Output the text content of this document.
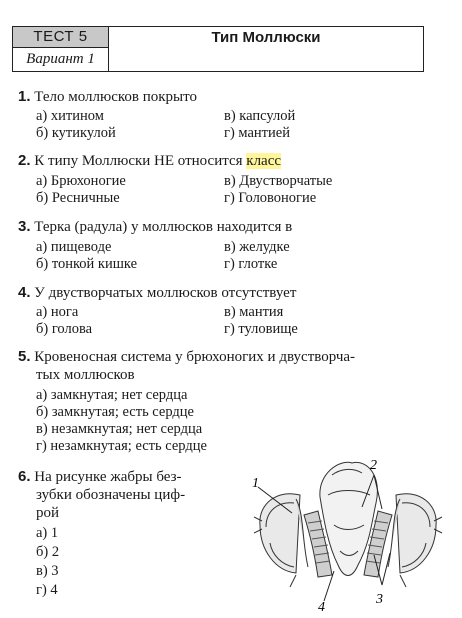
ТЕСТ 5
Вариант 1
Тип Моллюски
1. Тело моллюсков покрыто
а) хитином
б) кутикулой
в) капсулой
г) мантией
2. К типу Моллюски НЕ относится класс
а) Брюхоногие
б) Ресничные
в) Двустворчатые
г) Головоногие
3. Терка (радула) у моллюсков находится в
а) пищеводе
б) тонкой кишке
в) желудке
г) глотке
4. У двустворчатых моллюсков отсутствует
а) нога
б) голова
в) мантия
г) туловище
5. Кровеносная система у брюхоногих и двустворча-
тых моллюсков
а) замкнутая; нет сердца
б) замкнутая; есть сердце
в) незамкнутая; нет сердца
г) незамкнутая; есть сердце
6. На рисунке жабры без-
зубки обозначены циф-
рой
а) 1
б) 2
в) 3
г) 4
1
2
3
4
